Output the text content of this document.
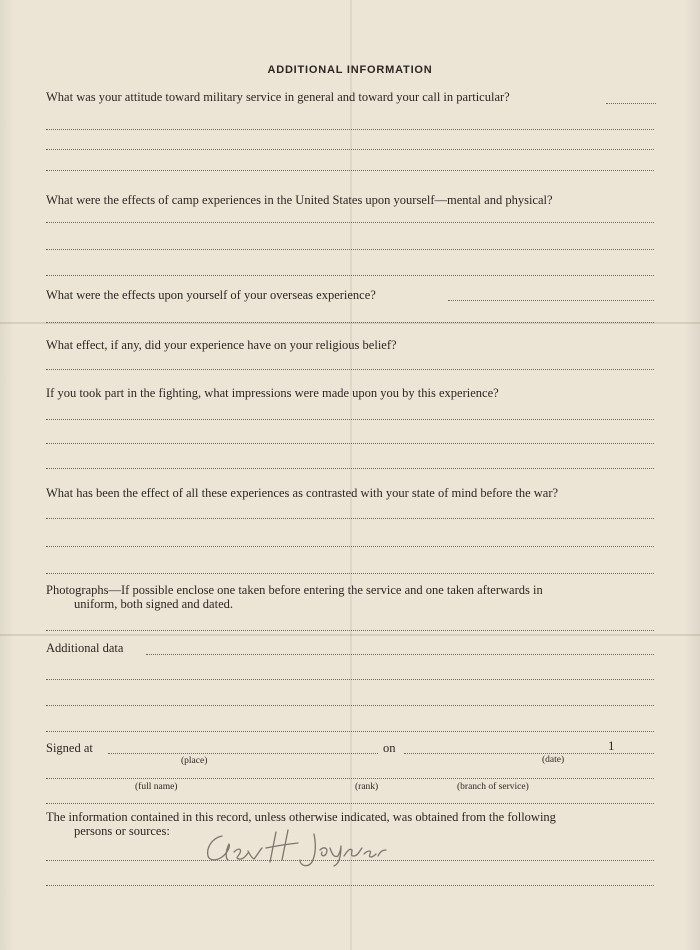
ADDITIONAL INFORMATION
What was your attitude toward military service in general and toward your call in particular?
What were the effects of camp experiences in the United States upon yourself—mental and physical?
What were the effects upon yourself of your overseas experience?
What effect, if any, did your experience have on your religious belief?
If you took part in the fighting, what impressions were made upon you by this experience?
What has been the effect of all these experiences as contrasted with your state of mind before the war?
Photographs—If possible enclose one taken before entering the service and one taken afterwards in
uniform, both signed and dated.
Additional data
Signed at	on	1
(place)	(date)
(full name)	(rank)	(branch of service)
The information contained in this record, unless otherwise indicated, was obtained from the following
persons or sources:
